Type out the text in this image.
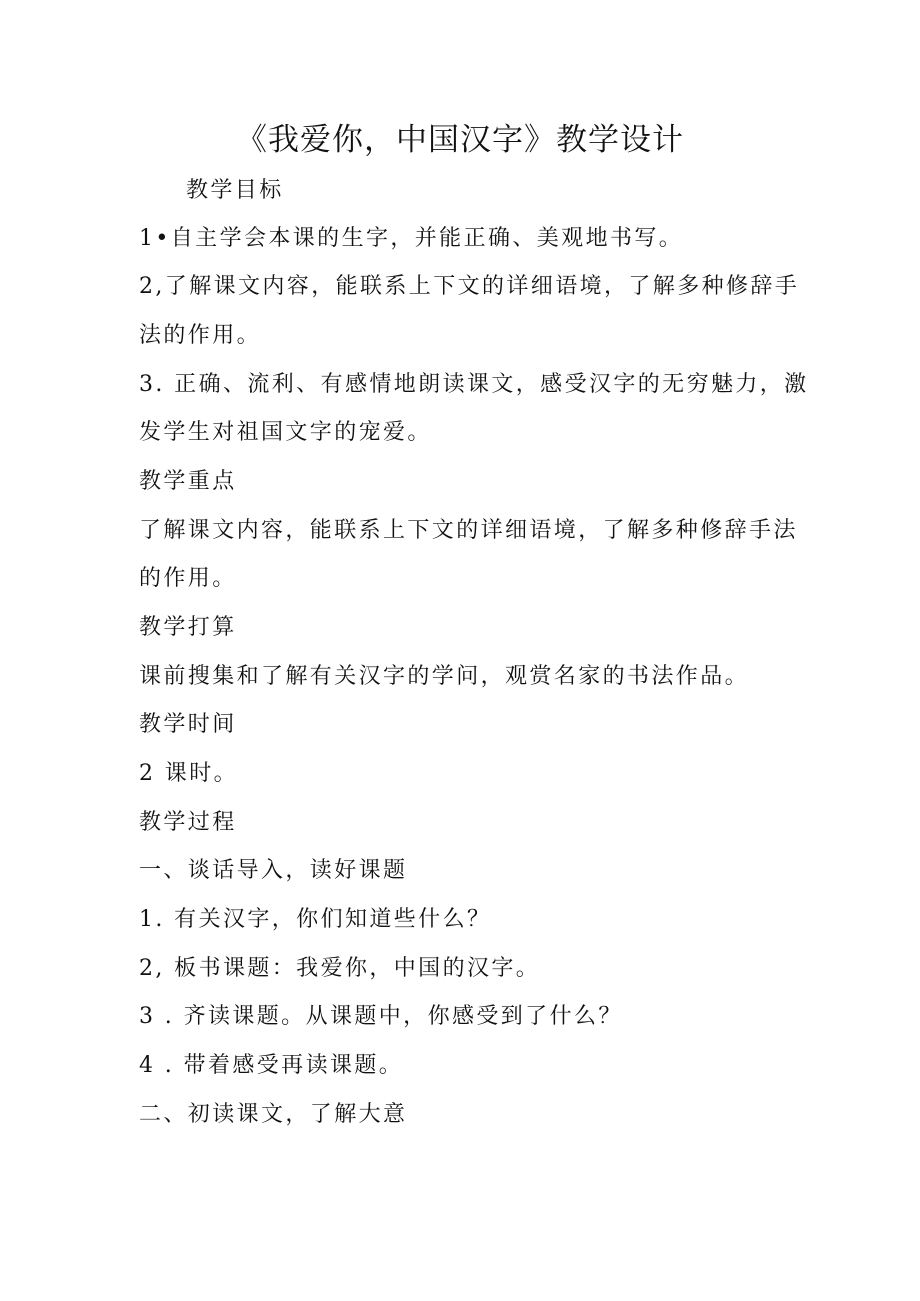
《我爱你，中国汉字》教学设计
教学目标
1•自主学会本课的生字，并能正确、美观地书写。
2,了解课文内容，能联系上下文的详细语境，了解多种修辞手
法的作用。
3. 正确、流利、有感情地朗读课文，感受汉字的无穷魅力，激
发学生对祖国文字的宠爱。
教学重点
了解课文内容，能联系上下文的详细语境，了解多种修辞手法
的作用。
教学打算
课前搜集和了解有关汉字的学问，观赏名家的书法作品。
教学时间
2 课时。
教学过程
一、谈话导入，读好课题
1. 有关汉字，你们知道些什么？
2, 板书课题：我爱你，中国的汉字。
3 . 齐读课题。从课题中，你感受到了什么？
4 . 带着感受再读课题。
二、初读课文，了解大意
